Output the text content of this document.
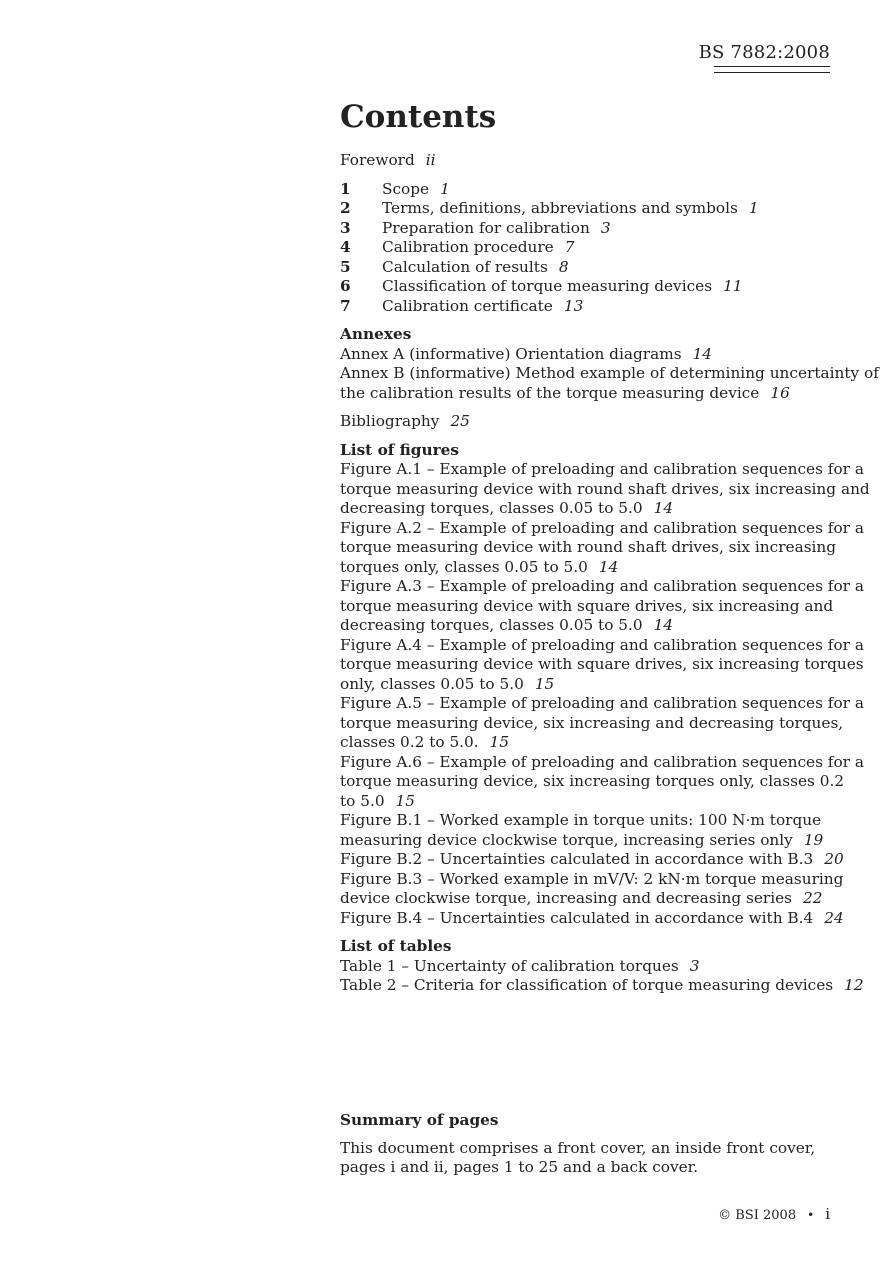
BS 7882:2008
Contents
Foreword ii
1	Scope 1
2	Terms, definitions, abbreviations and symbols 1
3	Preparation for calibration 3
4	Calibration procedure 7
5	Calculation of results 8
6	Classification of torque measuring devices 11
7	Calibration certificate 13
Annexes
Annex A (informative) Orientation diagrams 14
Annex B (informative) Method example of determining uncertainty of
the calibration results of the torque measuring device 16
Bibliography 25
List of figures
Figure A.1 – Example of preloading and calibration sequences for a
torque measuring device with round shaft drives, six increasing and
decreasing torques, classes 0.05 to 5.0 14
Figure A.2 – Example of preloading and calibration sequences for a
torque measuring device with round shaft drives, six increasing
torques only, classes 0.05 to 5.0 14
Figure A.3 – Example of preloading and calibration sequences for a
torque measuring device with square drives, six increasing and
decreasing torques, classes 0.05 to 5.0 14
Figure A.4 – Example of preloading and calibration sequences for a
torque measuring device with square drives, six increasing torques
only, classes 0.05 to 5.0 15
Figure A.5 – Example of preloading and calibration sequences for a
torque measuring device, six increasing and decreasing torques,
classes 0.2 to 5.0. 15
Figure A.6 – Example of preloading and calibration sequences for a
torque measuring device, six increasing torques only, classes 0.2
to 5.0 15
Figure B.1 – Worked example in torque units: 100 N·m torque
measuring device clockwise torque, increasing series only 19
Figure B.2 – Uncertainties calculated in accordance with B.3 20
Figure B.3 – Worked example in mV/V: 2 kN·m torque measuring
device clockwise torque, increasing and decreasing series 22
Figure B.4 – Uncertainties calculated in accordance with B.4 24
List of tables
Table 1 – Uncertainty of calibration torques 3
Table 2 – Criteria for classification of torque measuring devices 12
Summary of pages
This document comprises a front cover, an inside front cover,
pages i and ii, pages 1 to 25 and a back cover.
© BSI 2008 • i
